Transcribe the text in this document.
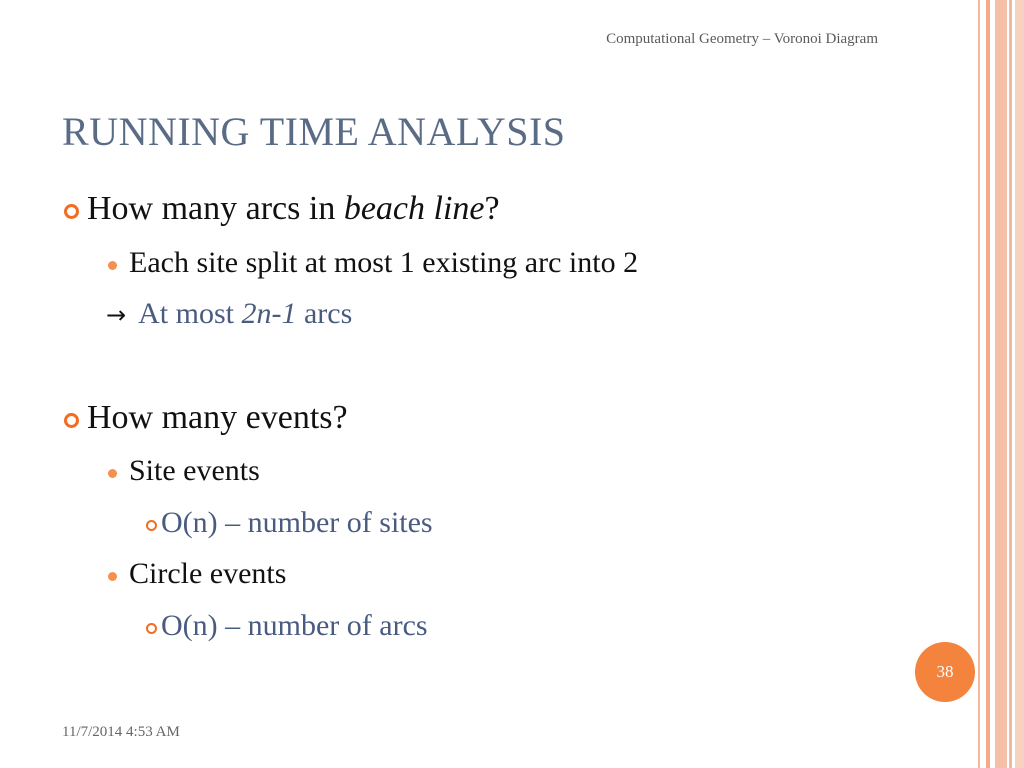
Computational Geometry – Voronoi Diagram
RUNNING TIME ANALYSIS
How many arcs in beach line?
Each site split at most 1 existing arc into 2
→ At most 2n-1 arcs
How many events?
Site events
O(n) – number of sites
Circle events
O(n) – number of arcs
38
11/7/2014 4:53 AM
